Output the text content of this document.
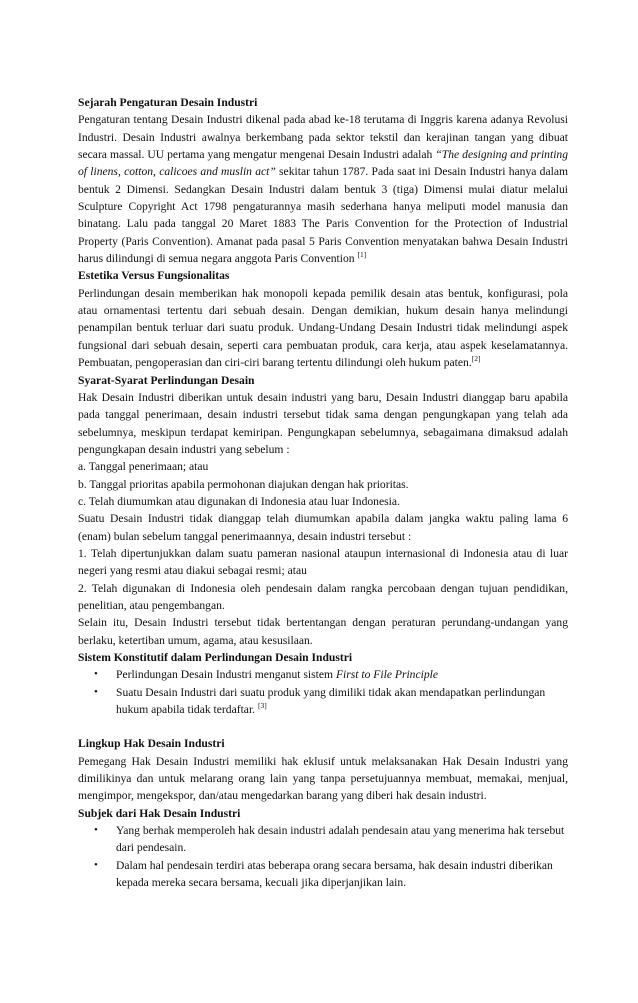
Sejarah Pengaturan Desain Industri
Pengaturan tentang Desain Industri dikenal pada abad ke-18 terutama di Inggris karena adanya Revolusi Industri. Desain Industri awalnya berkembang pada sektor tekstil dan kerajinan tangan yang dibuat secara massal. UU pertama yang mengatur mengenai Desain Industri adalah “The designing and printing of linens, cotton, calicoes and muslin act” sekitar tahun 1787. Pada saat ini Desain Industri hanya dalam bentuk 2 Dimensi. Sedangkan Desain Industri dalam bentuk 3 (tiga) Dimensi mulai diatur melalui Sculpture Copyright Act 1798 pengaturannya masih sederhana hanya meliputi model manusia dan binatang. Lalu pada tanggal 20 Maret 1883 The Paris Convention for the Protection of Industrial Property (Paris Convention). Amanat pada pasal 5 Paris Convention menyatakan bahwa Desain Industri harus dilindungi di semua negara anggota Paris Convention [1]
Estetika Versus Fungsionalitas
Perlindungan desain memberikan hak monopoli kepada pemilik desain atas bentuk, konfigurasi, pola atau ornamentasi tertentu dari sebuah desain. Dengan demikian, hukum desain hanya melindungi penampilan bentuk terluar dari suatu produk. Undang-Undang Desain Industri tidak melindungi aspek fungsional dari sebuah desain, seperti cara pembuatan produk, cara kerja, atau aspek keselamatannya. Pembuatan, pengoperasian dan ciri-ciri barang tertentu dilindungi oleh hukum paten.[2]
Syarat-Syarat Perlindungan Desain
Hak Desain Industri diberikan untuk desain industri yang baru, Desain Industri dianggap baru apabila pada tanggal penerimaan, desain industri tersebut tidak sama dengan pengungkapan yang telah ada sebelumnya, meskipun terdapat kemiripan. Pengungkapan sebelumnya, sebagaimana dimaksud adalah pengungkapan desain industri yang sebelum :
a. Tanggal penerimaan; atau
b. Tanggal prioritas apabila permohonan diajukan dengan hak prioritas.
c. Telah diumumkan atau digunakan di Indonesia atau luar Indonesia.
Suatu Desain Industri tidak dianggap telah diumumkan apabila dalam jangka waktu paling lama 6 (enam) bulan sebelum tanggal penerimaannya, desain industri tersebut :
1. Telah dipertunjukkan dalam suatu pameran nasional ataupun internasional di Indonesia atau di luar negeri yang resmi atau diakui sebagai resmi; atau
2. Telah digunakan di Indonesia oleh pendesain dalam rangka percobaan dengan tujuan pendidikan, penelitian, atau pengembangan.
Selain itu, Desain Industri tersebut tidak bertentangan dengan peraturan perundang-undangan yang berlaku, ketertiban umum, agama, atau kesusilaan.
Sistem Konstitutif dalam Perlindungan Desain Industri
• Perlindungan Desain Industri menganut sistem First to File Principle
• Suatu Desain Industri dari suatu produk yang dimiliki tidak akan mendapatkan perlindungan hukum apabila tidak terdaftar. [3]
Lingkup Hak Desain Industri
Pemegang Hak Desain Industri memiliki hak eklusif untuk melaksanakan Hak Desain Industri yang dimilikinya dan untuk melarang orang lain yang tanpa persetujuannya membuat, memakai, menjual, mengimpor, mengekspor, dan/atau mengedarkan barang yang diberi hak desain industri.
Subjek dari Hak Desain Industri
• Yang berhak memperoleh hak desain industri adalah pendesain atau yang menerima hak tersebut dari pendesain.
• Dalam hal pendesain terdiri atas beberapa orang secara bersama, hak desain industri diberikan kepada mereka secara bersama, kecuali jika diperjanjikan lain.
